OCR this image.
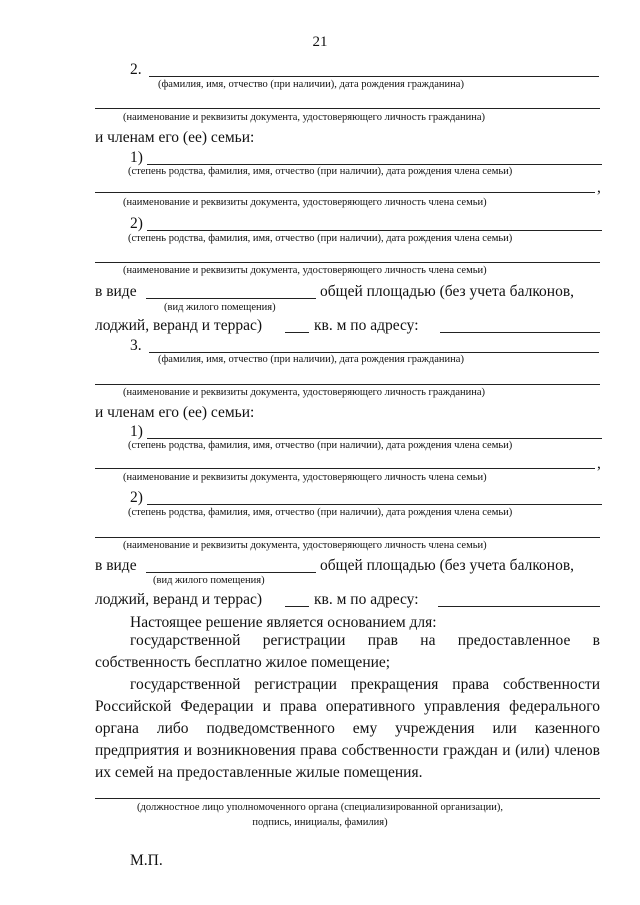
21
2.
(фамилия, имя, отчество (при наличии), дата рождения гражданина)
(наименование и реквизиты документа, удостоверяющего личность гражданина)
и членам его (ее) семьи:
1)
(степень родства, фамилия, имя, отчество (при наличии), дата рождения члена семьи)
,
(наименование и реквизиты документа, удостоверяющего личность члена семьи)
2)
(степень родства, фамилия, имя, отчество (при наличии), дата рождения члена семьи)
(наименование и реквизиты документа, удостоверяющего личность члена семьи)
в виде	общей площадью (без учета балконов,
(вид жилого помещения)
лоджий, веранд и террас)	кв. м по адресу:
3.
(фамилия, имя, отчество (при наличии), дата рождения гражданина)
(наименование и реквизиты документа, удостоверяющего личность гражданина)
и членам его (ее) семьи:
1)
(степень родства, фамилия, имя, отчество (при наличии), дата рождения члена семьи)
,
(наименование и реквизиты документа, удостоверяющего личность члена семьи)
2)
(степень родства, фамилия, имя, отчество (при наличии), дата рождения члена семьи)
(наименование и реквизиты документа, удостоверяющего личность члена семьи)
в виде	общей площадью (без учета балконов,
(вид жилого помещения)
лоджий, веранд и террас)	кв. м по адресу:
Настоящее решение является основанием для:
государственной регистрации прав на предоставленное в собственность бесплатно жилое помещение;
государственной регистрации прекращения права собственности Российской Федерации и права оперативного управления федерального органа либо подведомственного ему учреждения или казенного предприятия и возникновения права собственности граждан и (или) членов их семей на предоставленные жилые помещения.
(должностное лицо уполномоченного органа (специализированной организации),
подпись, инициалы, фамилия)
М.П.
